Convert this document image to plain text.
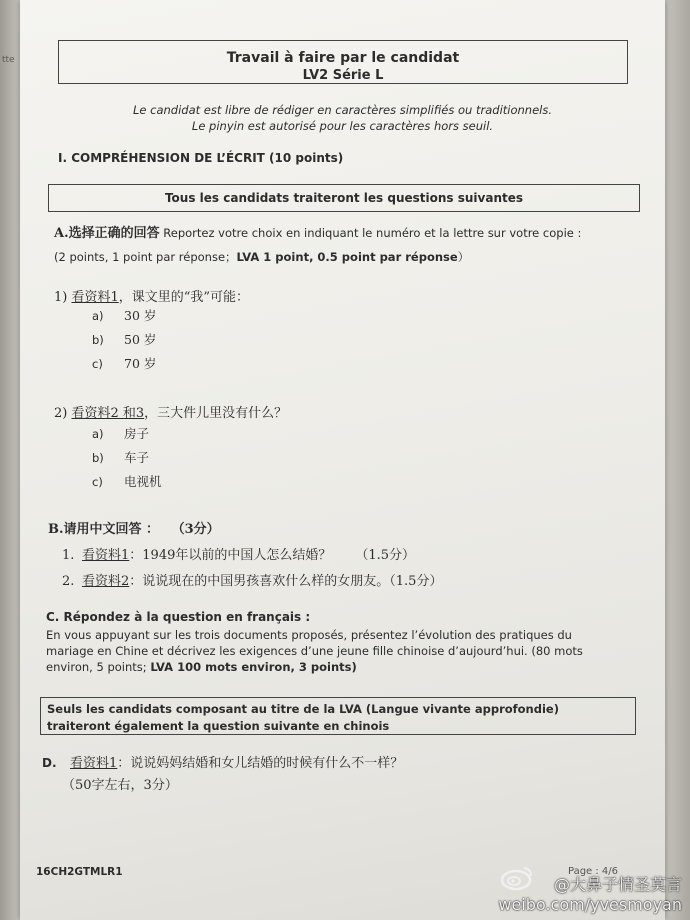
tte	Travail à faire par le candidat
LV2 Série L
Le candidat est libre de rédiger en caractères simplifiés ou traditionnels.
Le pinyin est autorisé pour les caractères hors seuil.
I. COMPRÉHENSION DE L’ÉCRIT (10 points)
Tous les candidats traiteront les questions suivantes
A.选择正确的回答 Reportez votre choix en indiquant le numéro et la lettre sur votre copie :
(2 points, 1 point par réponse；LVA 1 point, 0.5 point par réponse）
1) 看资料1，课文里的“我”可能：
a) 30 岁
b) 50 岁
c) 70 岁
2) 看资料2 和3，三大件儿里没有什么？
a) 房子
b) 车子
c) 电视机
B.请用中文回答 ： （3分）
1. 看资料1：1949年以前的中国人怎么结婚？ （1.5分）
2. 看资料2：说说现在的中国男孩喜欢什么样的女朋友。（1.5分）
C. Répondez à la question en français :
En vous appuyant sur les trois documents proposés, présentez l’évolution des pratiques du
mariage en Chine et décrivez les exigences d’une jeune fille chinoise d’aujourd’hui. (80 mots
environ, 5 points; LVA 100 mots environ, 3 points)
Seuls les candidats composant au titre de la LVA (Langue vivante approfondie)
traiteront également la question suivante en chinois
D. 看资料1：说说妈妈结婚和女儿结婚的时候有什么不一样？
（50字左右，3分）
16CH2GTMLR1	Page : 4/6
@大鼻子情圣莫言
weibo.com/yvesmoyan
